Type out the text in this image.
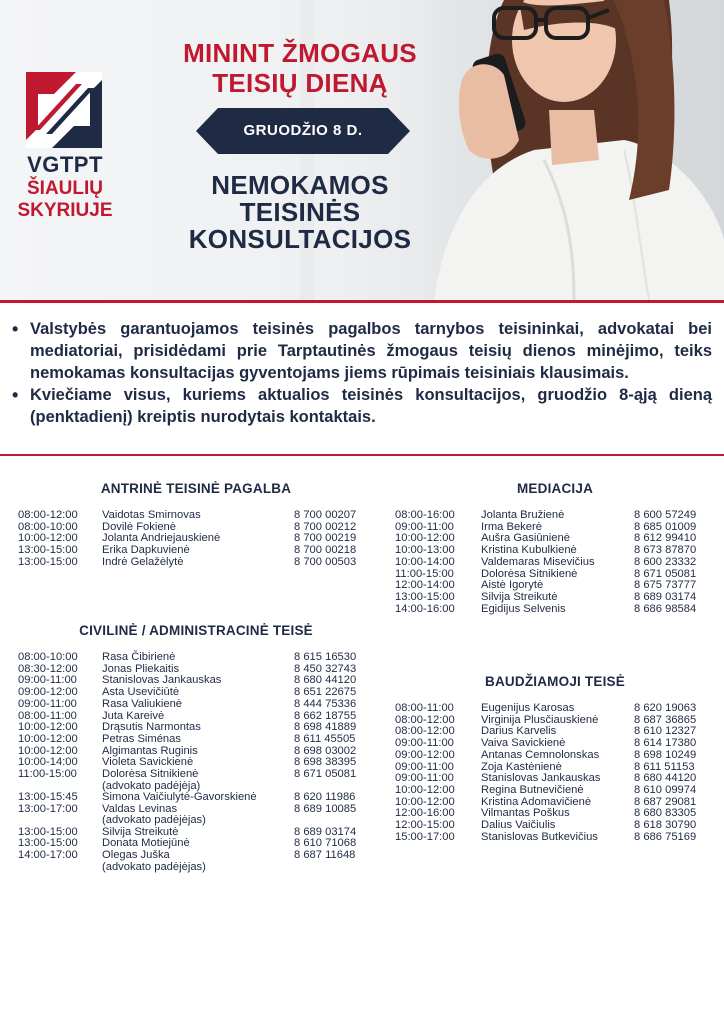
VGTPT
ŠIAULIŲ
SKYRIUJE
MININT ŽMOGAUS
TEISIŲ DIENĄ
GRUODŽIO 8 D.
NEMOKAMOS
TEISINĖS
KONSULTACIJOS
• Valstybės garantuojamos teisinės pagalbos tarnybos teisininkai, advokatai bei mediatoriai, prisidėdami prie Tarptautinės žmogaus teisių dienos minėjimo, teiks nemokamas konsultacijas gyventojams jiems rūpimais teisiniais klausimais.
• Kviečiame visus, kuriems aktualios teisinės konsultacijos, gruodžio 8-ąją dieną (penktadienį) kreiptis nurodytais kontaktais.
ANTRINĖ TEISINĖ PAGALBA
08:00-12:00	Vaidotas Smirnovas	8 700 00207
08:00-10:00	Dovilė Fokienė	8 700 00212
10:00-12:00	Jolanta Andriejauskienė	8 700 00219
13:00-15:00	Erika Dapkuvienė	8 700 00218
13:00-15:00	Indrė Gelažėlytė	8 700 00503
CIVILINĖ / ADMINISTRACINĖ TEISĖ
08:00-10:00	Rasa Čibirienė	8 615 16530
08:30-12:00	Jonas Pliekaitis	8 450 32743
09:00-11:00	Stanislovas Jankauskas	8 680 44120
09:00-12:00	Asta Usevičiūtė	8 651 22675
09:00-11:00	Rasa Valiukienė	8 444 75336
08:00-11:00	Juta Kareivė	8 662 18755
10:00-12:00	Drąsutis Narmontas	8 698 41889
10:00-12:00	Petras Siménas	8 611 45505
10:00-12:00	Algimantas Ruginis	8 698 03002
10:00-14:00	Violeta Savickienė	8 698 38395
11:00-15:00	Dolorėsa Sitnikienė	8 671 05081
(advokato padėjėja)
13:00-15:45	Simona Vaičiulytė-Gavorskienė	8 620 11986
13:00-17:00	Valdas Levinas	8 689 10085
(advokato padėjėjas)
13:00-15:00	Silvija Streikutė	8 689 03174
13:00-15:00	Donata Motiejūnė	8 610 71068
14:00-17:00	Olegas Juška	8 687 11648
(advokato padėjėjas)
MEDIACIJA
08:00-16:00	Jolanta Bružienė	8 600 57249
09:00-11:00	Irma Bekerė	8 685 01009
10:00-12:00	Aušra Gasiūnienė	8 612 99410
10:00-13:00	Kristina Kubulkienė	8 673 87870
10:00-14:00	Valdemaras Misevičius	8 600 23332
11:00-15:00	Dolorėsa Sitnikienė	8 671 05081
12:00-14:00	Aistė Igorytė	8 675 73777
13:00-15:00	Silvija Streikutė	8 689 03174
14:00-16:00	Egidijus Selvenis	8 686 98584
BAUDŽIAMOJI TEISĖ
08:00-11:00	Eugenijus Karosas	8 620 19063
08:00-12:00	Virginija Plusčiauskienė	8 687 36865
08:00-12:00	Darius Karvelis	8 610 12327
09:00-11:00	Vaiva Savickienė	8 614 17380
09:00-12:00	Antanas Cemnolonskas	8 698 10249
09:00-11:00	Zoja Kastėnienė	8 611 51153
09:00-11:00	Stanislovas Jankauskas	8 680 44120
10:00-12:00	Regina Butnevičienė	8 610 09974
10:00-12:00	Kristina Adomavičienė	8 687 29081
12:00-16:00	Vilmantas Poškus	8 680 83305
12:00-15:00	Dalius Vaičiulis	8 618 30790
15:00-17:00	Stanislovas Butkevičius	8 686 75169
